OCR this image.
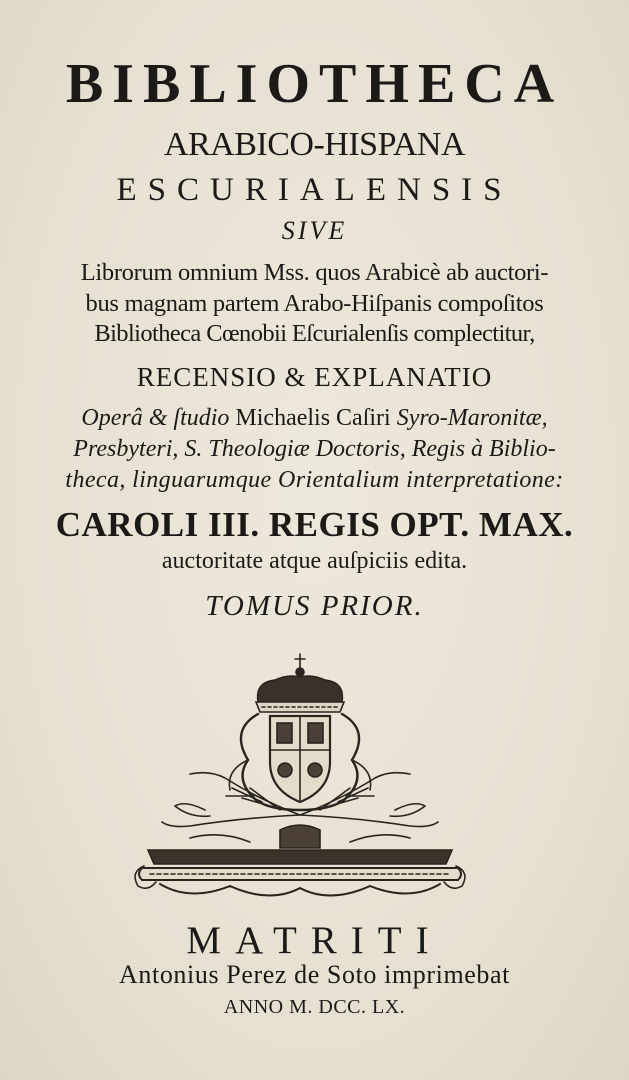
BIBLIOTHECA
ARABICO-HISPANA
ESCURIALENSIS
SIVE
Librorum omnium Mss. quos Arabicè ab auctori-
bus magnam partem Arabo-Hiſpanis compoſitos
Bibliotheca Cœnobii Eſcurialenſis complectitur,
RECENSIO & EXPLANATIO
Operâ & ſtudio Michaelis Caſiri Syro-Maronitæ,
Presbyteri, S. Theologiæ Doctoris, Regis à Biblio-
theca, linguarumque Orientalium interpretatione:
CAROLI III. REGIS OPT. MAX.
auctoritate atque auſpiciis edita.
TOMUS PRIOR.
MATRITI
Antonius Perez de Soto imprimebat
ANNO M. DCC. LX.
